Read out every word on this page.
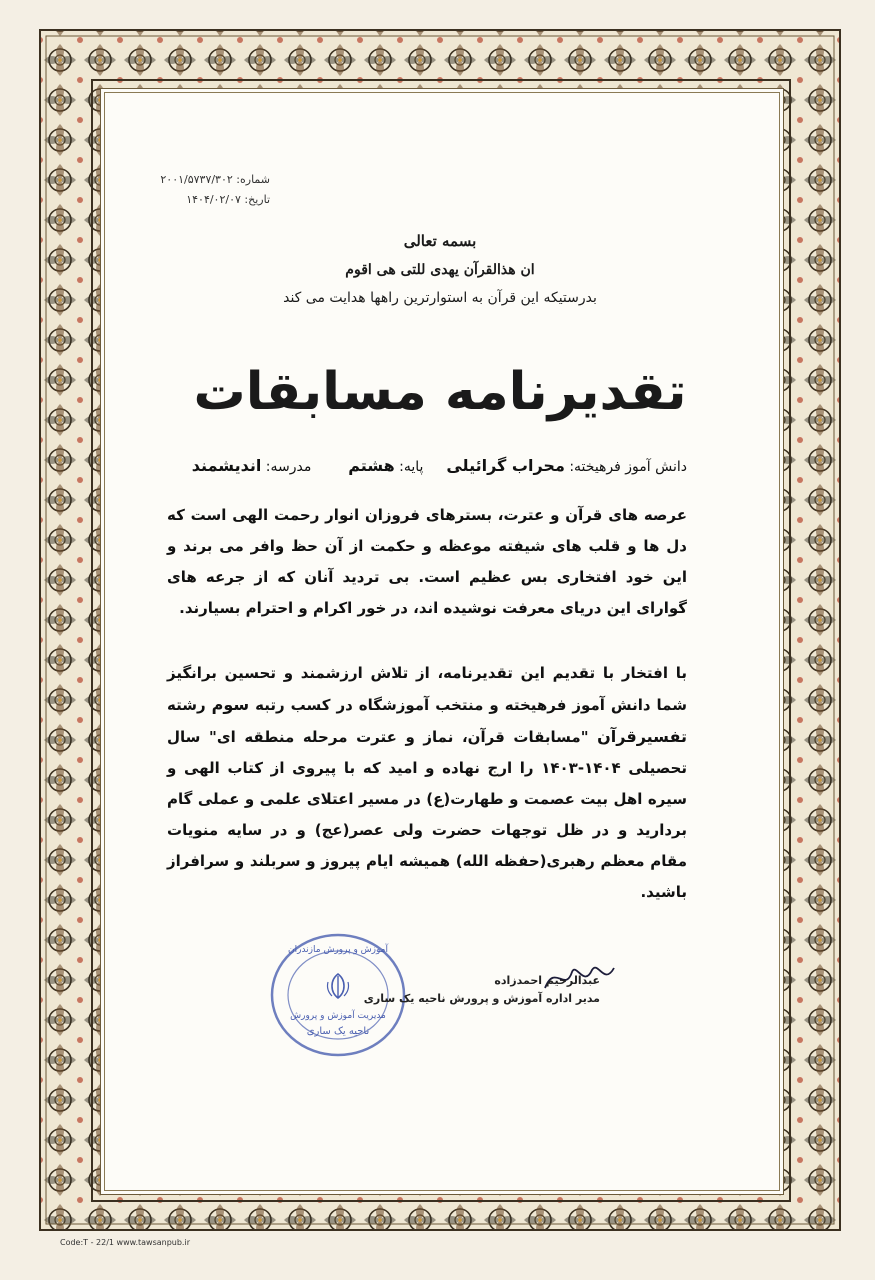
شماره: ۲۰۰۱/۵۷۳۷/۳۰۲
تاریخ: ۱۴۰۴/۰۲/۰۷
بسمه تعالی
ان هذالقرآن یهدی للتی هی اقوم
بدرستیکه این قرآن به استوارترین راهها هدایت می کند
تقدیرنامه مسابقات
دانش آموز فرهیخته: محراب گرائیلی  پایه: هشتم  مدرسه: اندیشمند
عرصه های قرآن و عترت، بسترهای فروزان انوار رحمت الهی است که دل ها و قلب های شیفته موعظه و حکمت از آن حظ وافر می برند و این خود افتخاری بس عظیم است. بی تردید آنان که از جرعه های گوارای این دریای معرفت نوشیده اند، در خور اکرام و احترام بسیارند.
با افتخار با تقدیم این تقدیرنامه، از تلاش ارزشمند و تحسین برانگیز شما دانش آموز فرهیخته و منتخب آموزشگاه در کسب رتبه سوم رشته تفسیرقرآن "مسابقات قرآن، نماز و عترت مرحله منطقه ای" سال تحصیلی ۱۴۰۴-۱۴۰۳ را ارج نهاده و امید که با پیروی از کتاب الهی و سیره اهل بیت عصمت و طهارت(ع) در مسیر اعتلای علمی و عملی گام بردارید و در ظل توجهات حضرت ولی عصر(عج) و در سایه منویات مقام معظم رهبری(حفظه الله) همیشه ایام پیروز و سربلند و سرافراز باشید.
آموزش و پرورش مازندران
مدیریت آموزش و پرورش
ناحیه یک ساری
عبدالرحیم احمدزاده
مدیر اداره آموزش و پرورش ناحیه یک ساری
Code:T - 22/1 www.tawsanpub.ir
